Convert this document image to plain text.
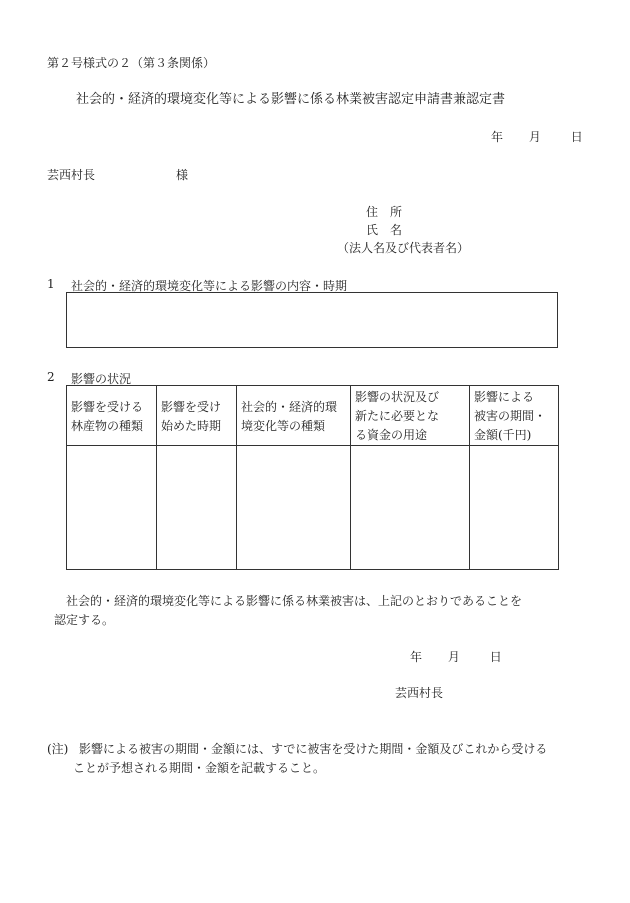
第２号様式の２（第３条関係）
社会的・経済的環境変化等による影響に係る林業被害認定申請書兼認定書
年 月 日
芸西村長	様
住　所
氏　名
（法人名及び代表者名）
1 社会的・経済的環境変化等による影響の内容・時期
2 影響の状況
影響を受ける
林産物の種類	影響を受け
始めた時期	社会的・経済的環
境変化等の種類	影響の状況及び
新たに必要とな
る資金の用途	影響による
被害の期間・
金額(千円)

社会的・経済的環境変化等による影響に係る林業被害は、上記のとおりであることを
認定する。
年 月 日
芸西村長
(注) 影響による被害の期間・金額には、すでに被害を受けた期間・金額及びこれから受ける
ことが予想される期間・金額を記載すること。
